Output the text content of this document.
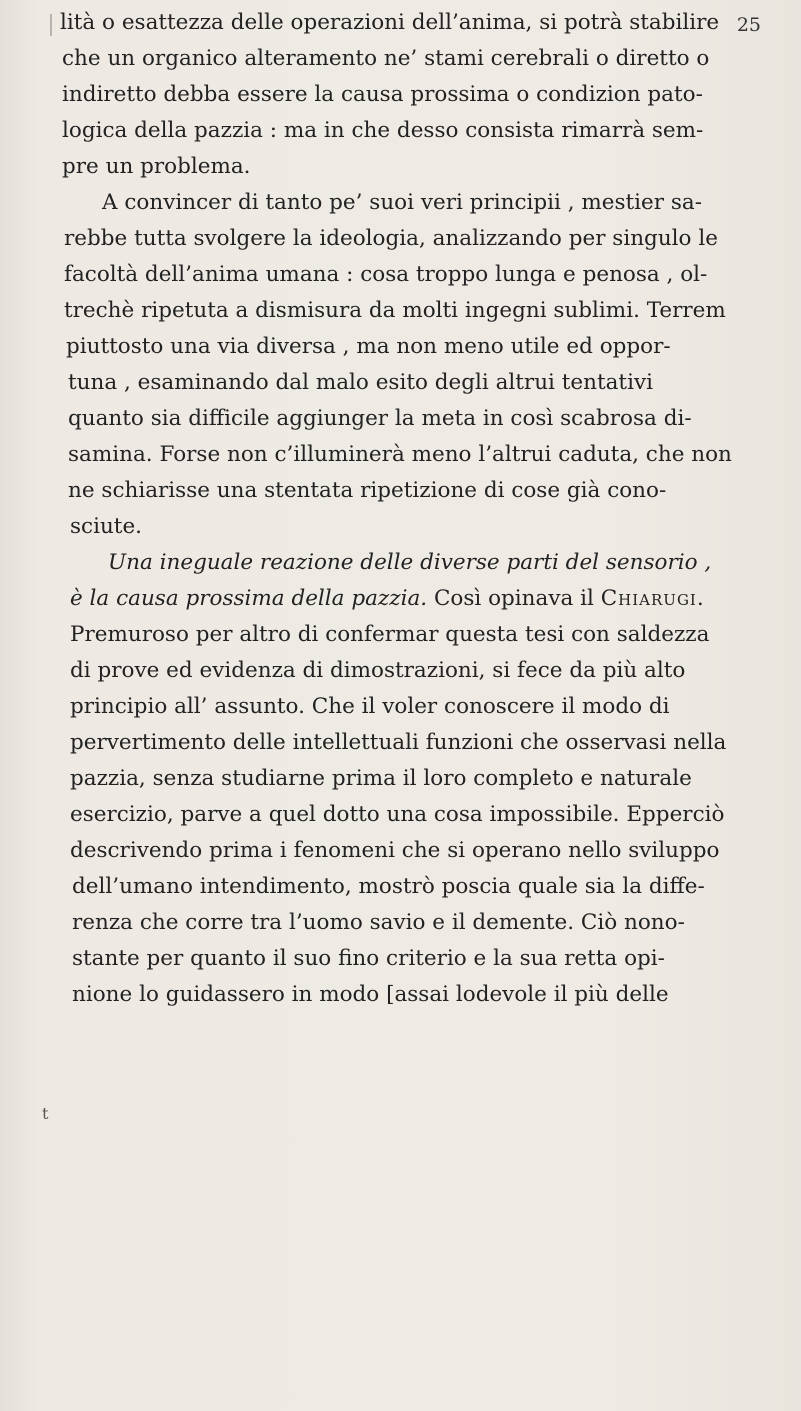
25
lità o esattezza delle operazioni dell’anima, si potrà stabilire
che un organico alteramento ne’ stami cerebrali o diretto o
indiretto debba essere la causa prossima o condizion pato-
logica della pazzia : ma in che desso consista rimarrà sem-
pre un problema.
A convincer di tanto pe’ suoi veri principii , mestier sa-
rebbe tutta svolgere la ideologia, analizzando per singulo le
facoltà dell’anima umana : cosa troppo lunga e penosa , ol-
trechè ripetuta a dismisura da molti ingegni sublimi. Terrem
piuttosto una via diversa , ma non meno utile ed oppor-
tuna , esaminando dal malo esito degli altrui tentativi
quanto sia difficile aggiunger la meta in così scabrosa di-
samina. Forse non c’illuminerà meno l’altrui caduta, che non
ne schiarisse una stentata ripetizione di cose già cono-
sciute.
Una ineguale reazione delle diverse parti del sensorio ,
è la causa prossima della pazzia. Così opinava il Chiarugi.
Premuroso per altro di confermar questa tesi con saldezza
di prove ed evidenza di dimostrazioni, si fece da più alto
principio all’ assunto. Che il voler conoscere il modo di
pervertimento delle intellettuali funzioni che osservasi nella
pazzia, senza studiarne prima il loro completo e naturale
esercizio, parve a quel dotto una cosa impossibile. Epperciò
descrivendo prima i fenomeni che si operano nello sviluppo
dell’umano intendimento, mostrò poscia quale sia la diffe-
renza che corre tra l’uomo savio e il demente. Ciò nono-
stante per quanto il suo fino criterio e la sua retta opi-
nione lo guidassero in modo [assai lodevole il più delle
t
